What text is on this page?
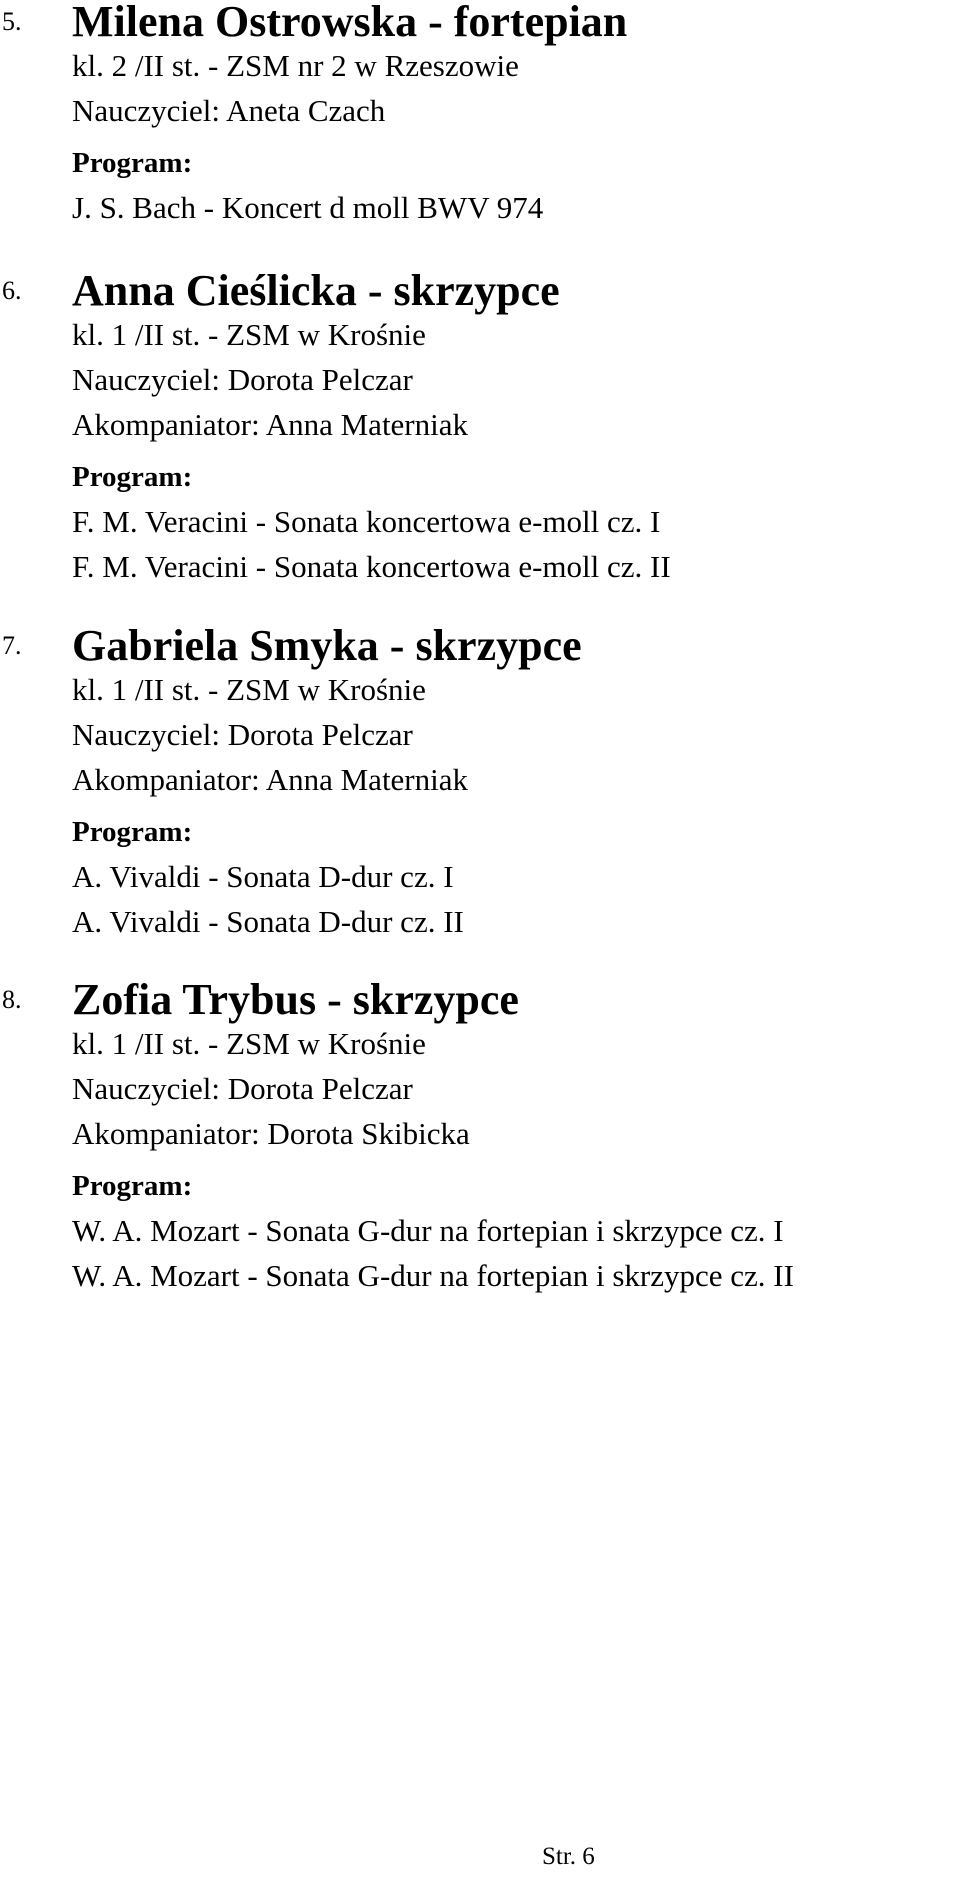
5. Milena Ostrowska - fortepian
kl. 2 /II st. - ZSM nr 2 w Rzeszowie
Nauczyciel: Aneta Czach
Program:
J. S. Bach - Koncert d moll BWV 974
6. Anna Cieślicka - skrzypce
kl. 1 /II st. - ZSM w Krośnie
Nauczyciel: Dorota Pelczar
Akompaniator: Anna Materniak
Program:
F. M. Veracini - Sonata koncertowa e-moll cz. I
F. M. Veracini - Sonata koncertowa e-moll cz. II
7. Gabriela Smyka - skrzypce
kl. 1 /II st. - ZSM w Krośnie
Nauczyciel: Dorota Pelczar
Akompaniator: Anna Materniak
Program:
A. Vivaldi - Sonata D-dur cz. I
A. Vivaldi - Sonata D-dur cz. II
8. Zofia Trybus - skrzypce
kl. 1 /II st. - ZSM w Krośnie
Nauczyciel: Dorota Pelczar
Akompaniator: Dorota Skibicka
Program:
W. A. Mozart - Sonata G-dur na fortepian i skrzypce cz. I
W. A. Mozart - Sonata G-dur na fortepian i skrzypce cz. II
Str. 6
